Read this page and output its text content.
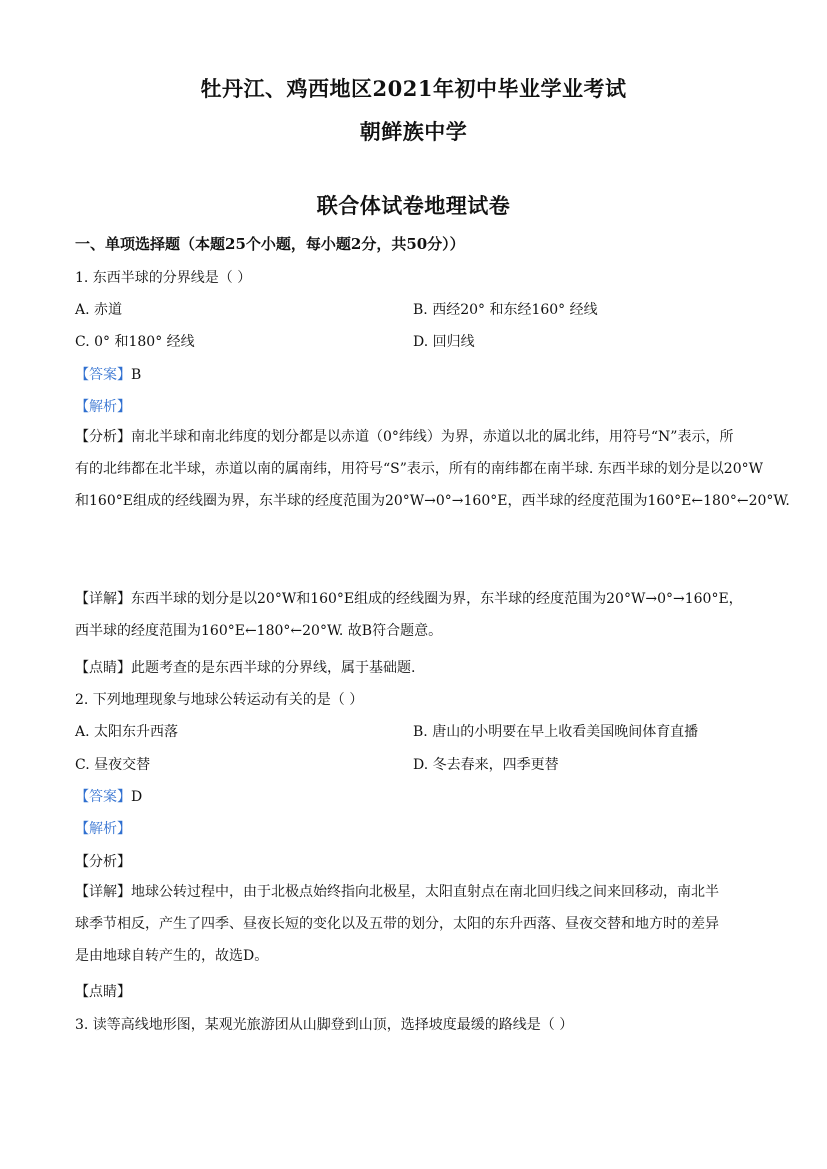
牡丹江、鸡西地区2021年初中毕业学业考试
朝鲜族中学
联合体试卷地理试卷
一、单项选择题（本题25个小题，每小题2分，共50分））
1. 东西半球的分界线是（ ）
A. 赤道	B. 西经20° 和东经160° 经线
C. 0° 和180° 经线	D. 回归线
【答案】B
【解析】
【分析】南北半球和南北纬度的划分都是以赤道（0°纬线）为界，赤道以北的属北纬，用符号“N”表示，所
有的北纬都在北半球，赤道以南的属南纬，用符号“S”表示，所有的南纬都在南半球. 东西半球的划分是以20°W
和160°E组成的经线圈为界，东半球的经度范围为20°W→0°→160°E，西半球的经度范围为160°E←180°←20°W.
【详解】东西半球的划分是以20°W和160°E组成的经线圈为界，东半球的经度范围为20°W→0°→160°E，
西半球的经度范围为160°E←180°←20°W. 故B符合题意。
【点睛】此题考查的是东西半球的分界线，属于基础题.
2. 下列地理现象与地球公转运动有关的是（ ）
A. 太阳东升西落	B. 唐山的小明要在早上收看美国晚间体育直播
C. 昼夜交替	D. 冬去春来，四季更替
【答案】D
【解析】
【分析】
【详解】地球公转过程中，由于北极点始终指向北极星，太阳直射点在南北回归线之间来回移动，南北半
球季节相反，产生了四季、昼夜长短的变化以及五带的划分，太阳的东升西落、昼夜交替和地方时的差异
是由地球自转产生的，故选D。
【点睛】
3. 读等高线地形图，某观光旅游团从山脚登到山顶，选择坡度最缓的路线是（ ）
